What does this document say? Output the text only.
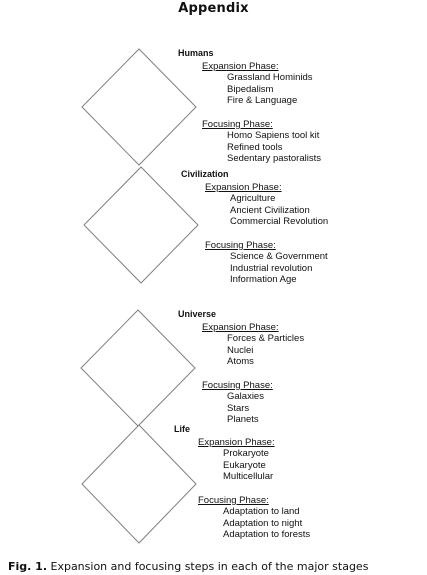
Appendix
Humans
Expansion Phase:
Grassland Hominids
Bipedalism
Fire & Language
Focusing Phase:
Homo Sapiens tool kit
Refined tools
Sedentary pastoralists
Civilization
Expansion Phase:
Agriculture
Ancient Civilization
Commercial Revolution
Focusing Phase:
Science & Government
Industrial revolution
Information Age
Universe
Expansion Phase:
Forces & Particles
Nuclei
Atoms
Focusing Phase:
Galaxies
Stars
Planets
Life
Expansion Phase:
Prokaryote
Eukaryote
Multicellular
Focusing Phase:
Adaptation to land
Adaptation to night
Adaptation to forests
Fig. 1. Expansion and focusing steps in each of the major stages
